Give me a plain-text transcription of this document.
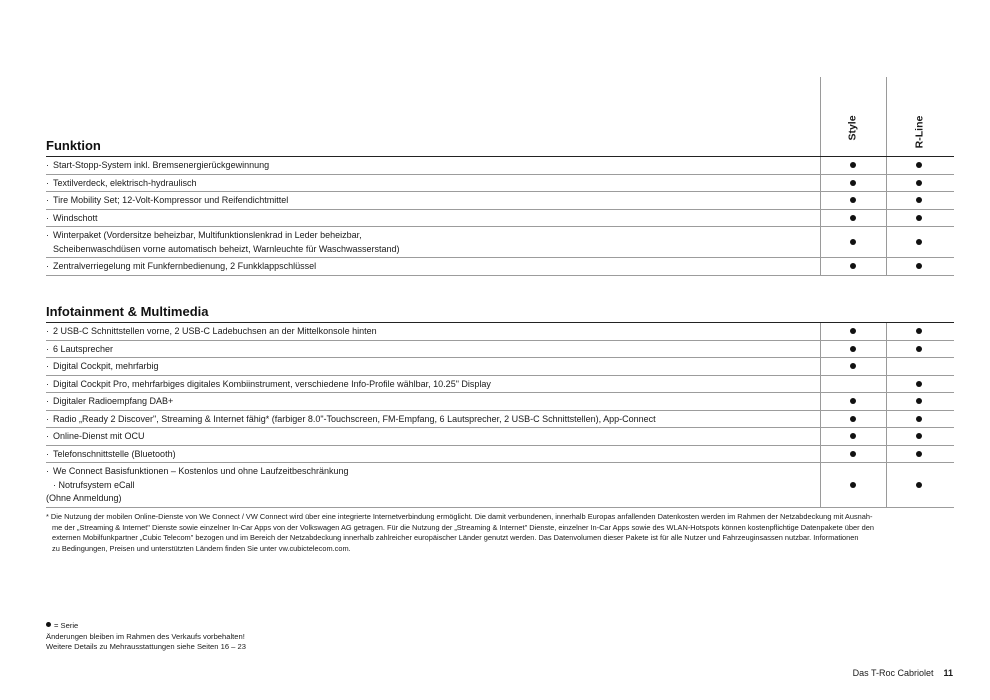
Style	R-Line
Funktion
· Start-Stopp-System inkl. Bremsenergierückgewinnung
· Textilverdeck, elektrisch-hydraulisch
· Tire Mobility Set; 12-Volt-Kompressor und Reifendichtmittel
· Windschott
· Winterpaket (Vordersitze beheizbar, Multifunktionslenkrad in Leder beheizbar,
Scheibenwaschdüsen vorne automatisch beheizt, Warnleuchte für Waschwasserstand)
· Zentralverriegelung mit Funkfernbedienung, 2 Funkklappschlüssel
Infotainment & Multimedia
· 2 USB-C Schnittstellen vorne, 2 USB-C Ladebuchsen an der Mittelkonsole hinten
· 6 Lautsprecher
· Digital Cockpit, mehrfarbig
· Digital Cockpit Pro, mehrfarbiges digitales Kombiinstrument, verschiedene Info-Profile wählbar, 10.25" Display
· Digitaler Radioempfang DAB+
· Radio „Ready 2 Discover", Streaming & Internet fähig* (farbiger 8.0"-Touchscreen, FM-Empfang, 6 Lautsprecher, 2 USB-C Schnittstellen), App-Connect
· Online-Dienst mit OCU
· Telefonschnittstelle (Bluetooth)
· We Connect Basisfunktionen – Kostenlos und ohne Laufzeitbeschränkung
· Notrufsystem eCall
(Ohne Anmeldung)
* Die Nutzung der mobilen Online-Dienste von We Connect / VW Connect wird über eine integrierte Internetverbindung ermöglicht. Die damit verbundenen, innerhalb Europas anfallenden Datenkosten werden im Rahmen der Netzabdeckung mit Ausnah-
me der „Streaming & Internet" Dienste sowie einzelner In-Car Apps von der Volkswagen AG getragen. Für die Nutzung der „Streaming & Internet" Dienste, einzelner In-Car Apps sowie des WLAN-Hotspots können kostenpflichtige Datenpakete über den
externen Mobilfunkpartner „Cubic Telecom" bezogen und im Bereich der Netzabdeckung innerhalb zahlreicher europäischer Länder genutzt werden. Das Datenvolumen dieser Pakete ist für alle Nutzer und Fahrzeuginsassen nutzbar. Informationen
zu Bedingungen, Preisen und unterstützten Ländern finden Sie unter vw.cubictelecom.com.
= Serie
Änderungen bleiben im Rahmen des Verkaufs vorbehalten!
Weitere Details zu Mehrausstattungen siehe Seiten 16 – 23
Das T-Roc Cabriolet 11
